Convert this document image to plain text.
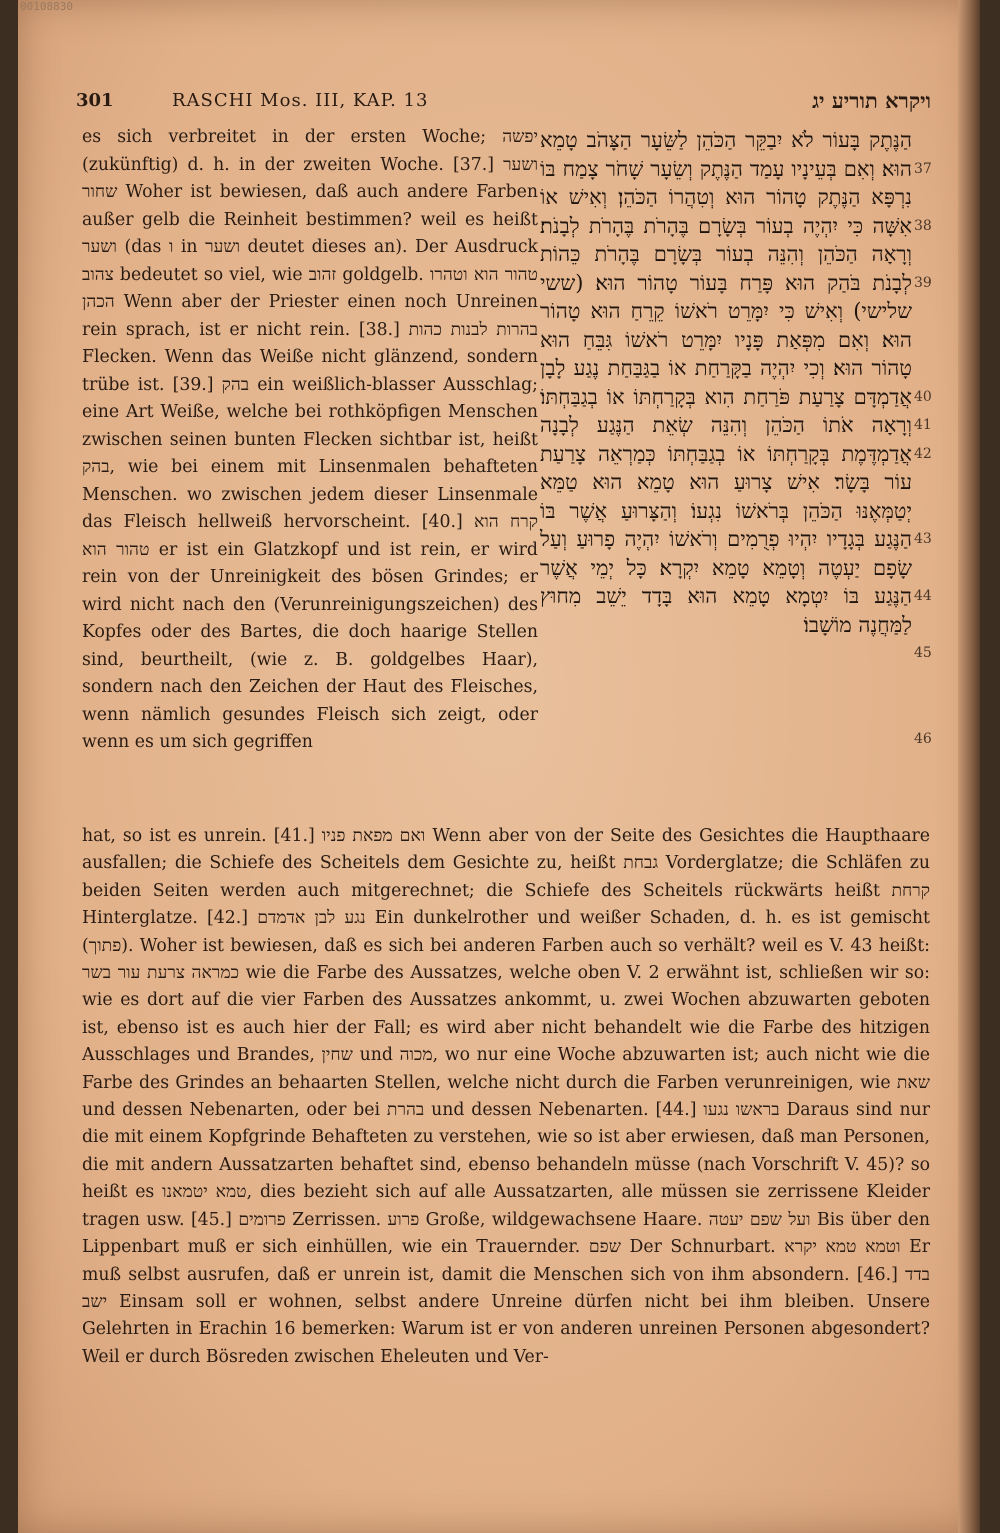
00108830
301	RASCHI Mos. III, KAP. 13	ויקרא תוריע יג

es sich verbreitet in der ersten Woche; יפשה (zukünftig) d. h. in der zweiten Woche. [37.] ושער שחור Woher ist bewiesen, daß auch andere Farben außer gelb die Reinheit bestimmen? weil es heißt ושער (das ו in ושער deutet dieses an). Der Ausdruck צהוב bedeutet so viel, wie זהוב goldgelb. טהור הוא וטהרו הכהן Wenn aber der Priester einen noch Unreinen rein sprach, ist er nicht rein. [38.] בהרות לבנות כהות Flecken. Wenn das Weiße nicht glänzend, sondern trübe ist. [39.] בהק ein weißlich-blasser Ausschlag; eine Art Weiße, welche bei rothköpfigen Menschen zwischen seinen bunten Flecken sichtbar ist, heißt בהק, wie bei einem mit Linsenmalen behafteten Menschen. wo zwischen jedem dieser Linsenmale das Fleisch hellweiß hervorscheint. [40.] קרח הוא טהור הוא er ist ein Glatzkopf und ist rein, er wird rein von der Unreinigkeit des bösen Grindes; er wird nicht nach den (Verunreinigungszeichen) des Kopfes oder des Bartes, die doch haarige Stellen sind, beurtheilt, (wie z. B. goldgelbes Haar), sondern nach den Zeichen der Haut des Fleisches, wenn nämlich gesundes Fleisch sich zeigt, oder wenn es um sich gegriffen

הַנֶּתֶק בָּעוֹר לֹא יִבַקֵּר הַכֹּהֵן לַשֵּׂעָר הַצָּהֹב טָמֵא הוּא׃ וְאִם בְּעֵינָיו עָמַד הַנֶּתֶק וְשֵׂעָר שָׁחֹר צָמַח בּוֹ נִרְפָּא הַנֶּתֶק טָהוֹר הוּא וְטִהֲרוֹ הַכֹּהֵן׃ וְאִישׁ אוֹ אִשָּׁה כִּי יִהְיֶה בְעוֹר בְּשָׂרָם בֶּהָרֹת בֶּהָרֹת לְבָנֹת׃ וְרָאָה הַכֹּהֵן וְהִנֵּה בְעוֹר בְּשָׂרָם בֶּהָרֹת כֵּהוֹת לְבָנֹת בֹּהַק הוּא פָּרַח בָּעוֹר טָהוֹר הוּא׃ (ששי שלישי) וְאִישׁ כִּי יִמָּרֵט רֹאשׁוֹ קֵרֵחַ הוּא טָהוֹר הוּא׃ וְאִם מִפְּאַת פָּנָיו יִמָּרֵט רֹאשׁוֹ גִּבֵּחַ הוּא טָהוֹר הוּא׃ וְכִי יִהְיֶה בַקָּרַחַת אוֹ בַגַּבַּחַת נֶגַע לָבָן אֲדַמְדָּם צָרַעַת פֹּרַחַת הִוא בְּקָרַחְתּוֹ אוֹ בְגַבַּחְתּוֹ׃ וְרָאָה אֹתוֹ הַכֹּהֵן וְהִנֵּה שְׂאֵת הַנֶּגַע לְבָנָה אֲדַמְדֶּמֶת בְּקָרַחְתּוֹ אוֹ בְגַבַּחְתּוֹ כְּמַרְאֵה צָרַעַת עוֹר בָּשָׂר׃ אִישׁ צָרוּעַ הוּא טָמֵא הוּא טַמֵּא יְטַמְּאֶנּוּ הַכֹּהֵן בְּרֹאשׁוֹ נִגְעוֹ׃ וְהַצָּרוּעַ אֲשֶׁר בּוֹ הַנֶּגַע בְּגָדָיו יִהְיוּ פְרֻמִים וְרֹאשׁוֹ יִהְיֶה פָרוּעַ וְעַל שָׂפָם יַעְטֶה וְטָמֵא טָמֵא יִקְרָא׃ כָּל יְמֵי אֲשֶׁר הַנֶּגַע בּוֹ יִטְמָא טָמֵא הוּא בָּדָד יֵשֵׁב מִחוּץ לַמַּחֲנֶה מוֹשָׁבוֹ׃

37
38
39
40
41
42
43
44
45
46

hat, so ist es unrein. [41.] ואם מפאת פניו Wenn aber von der Seite des Gesichtes die Haupthaare ausfallen; die Schiefe des Scheitels dem Gesichte zu, heißt גבחת Vorderglatze; die Schläfen zu beiden Seiten werden auch mitgerechnet; die Schiefe des Scheitels rückwärts heißt קרחת Hinterglatze. [42.] נגע לבן אדמדם Ein dunkelrother und weißer Schaden, d. h. es ist gemischt (פתוך). Woher ist bewiesen, daß es sich bei anderen Farben auch so verhält? weil es V. 43 heißt: כמראה צרעת עור בשר wie die Farbe des Aussatzes, welche oben V. 2 erwähnt ist, schließen wir so: wie es dort auf die vier Farben des Aussatzes ankommt, u. zwei Wochen abzuwarten geboten ist, ebenso ist es auch hier der Fall; es wird aber nicht behandelt wie die Farbe des hitzigen Ausschlages und Brandes, שחין und מכוה, wo nur eine Woche abzuwarten ist; auch nicht wie die Farbe des Grindes an behaarten Stellen, welche nicht durch die Farben verunreinigen, wie שאת und dessen Nebenarten, oder bei בהרת und dessen Nebenarten. [44.] בראשו נגעו Daraus sind nur die mit einem Kopfgrinde Behafteten zu verstehen, wie so ist aber erwiesen, daß man Personen, die mit andern Aussatzarten behaftet sind, ebenso behandeln müsse (nach Vorschrift V. 45)? so heißt es טמא יטמאנו, dies bezieht sich auf alle Aussatzarten, alle müssen sie zerrissene Kleider tragen usw. [45.] פרומים Zerrissen. פרוע Große, wildgewachsene Haare. ועל שפם יעטה Bis über den Lippenbart muß er sich einhüllen, wie ein Trauernder. שפם Der Schnurbart. וטמא טמא יקרא Er muß selbst ausrufen, daß er unrein ist, damit die Menschen sich von ihm absondern. [46.] בדד ישב Einsam soll er wohnen, selbst andere Unreine dürfen nicht bei ihm bleiben. Unsere Gelehrten in Erachin 16 bemerken: Warum ist er von anderen unreinen Personen abgesondert? Weil er durch Bösreden zwischen Eheleuten und Ver-
